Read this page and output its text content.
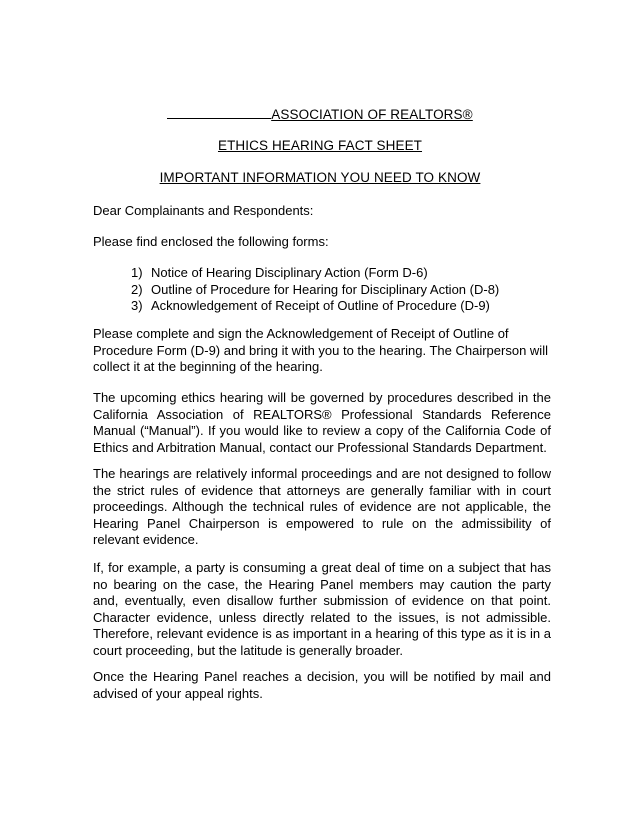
ASSOCIATION OF REALTORS®
ETHICS HEARING FACT SHEET
IMPORTANT INFORMATION YOU NEED TO KNOW
Dear Complainants and Respondents:
Please find enclosed the following forms:
1) Notice of Hearing Disciplinary Action (Form D-6)
2) Outline of Procedure for Hearing for Disciplinary Action (D-8)
3) Acknowledgement of Receipt of Outline of Procedure (D-9)
Please complete and sign the Acknowledgement of Receipt of Outline of Procedure Form (D-9) and bring it with you to the hearing. The Chairperson will collect it at the beginning of the hearing.
The upcoming ethics hearing will be governed by procedures described in the California Association of REALTORS® Professional Standards Reference Manual (“Manual”). If you would like to review a copy of the California Code of Ethics and Arbitration Manual, contact our Professional Standards Department.
The hearings are relatively informal proceedings and are not designed to follow the strict rules of evidence that attorneys are generally familiar with in court proceedings. Although the technical rules of evidence are not applicable, the Hearing Panel Chairperson is empowered to rule on the admissibility of relevant evidence.
If, for example, a party is consuming a great deal of time on a subject that has no bearing on the case, the Hearing Panel members may caution the party and, eventually, even disallow further submission of evidence on that point. Character evidence, unless directly related to the issues, is not admissible. Therefore, relevant evidence is as important in a hearing of this type as it is in a court proceeding, but the latitude is generally broader.
Once the Hearing Panel reaches a decision, you will be notified by mail and advised of your appeal rights.
